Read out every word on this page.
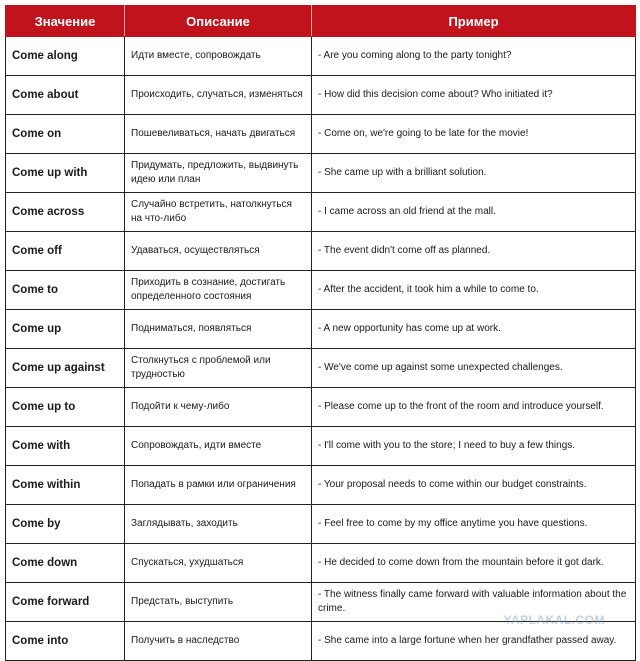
Значение	Описание	Пример
Come along	Идти вместе, сопровождать	- Are you coming along to the party tonight?
Come about	Происходить, случаться, изменяться	- How did this decision come about? Who initiated it?
Come on	Пошевеливаться, начать двигаться	- Come on, we're going to be late for the movie!
Come up with	Придумать, предложить, выдвинуть идею или план	- She came up with a brilliant solution.
Come across	Случайно встретить, натолкнуться на что-либо	- I came across an old friend at the mall.
Come off	Удаваться, осуществляться	- The event didn't come off as planned.
Come to	Приходить в сознание, достигать определенного состояния	- After the accident, it took him a while to come to.
Come up	Подниматься, появляться	- A new opportunity has come up at work.
Come up against	Столкнуться с проблемой или трудностью	- We've come up against some unexpected challenges.
Come up to	Подойти к чему-либо	- Please come up to the front of the room and introduce yourself.
Come with	Сопровождать, идти вместе	- I'll come with you to the store; I need to buy a few things.
Come within	Попадать в рамки или ограничения	- Your proposal needs to come within our budget constraints.
Come by	Заглядывать, заходить	- Feel free to come by my office anytime you have questions.
Come down	Спускаться, ухудшаться	- He decided to come down from the mountain before it got dark.
Come forward	Предстать, выступить	- The witness finally came forward with valuable information about the crime.
Come into	Получить в наследство	- She came into a large fortune when her grandfather passed away.
YAPLAKAL.COM
